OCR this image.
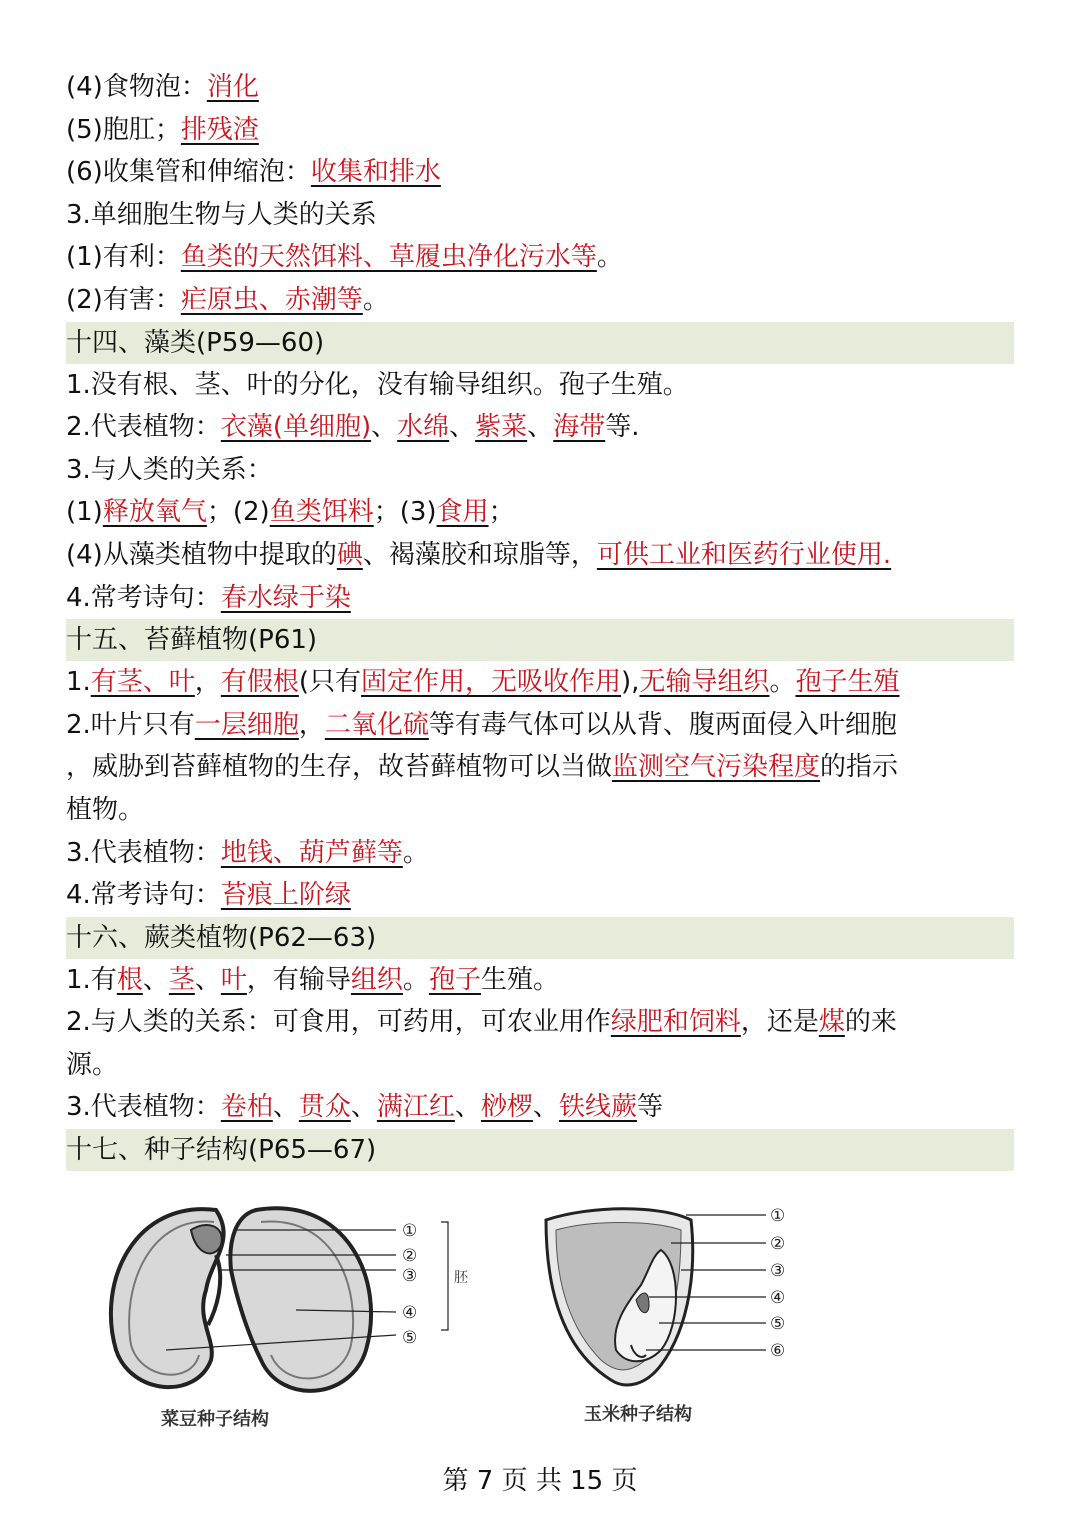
(4)食物泡：消化
(5)胞肛；排残渣
(6)收集管和伸缩泡：收集和排水
3.单细胞生物与人类的关系
(1)有利：鱼类的天然饵料、草履虫净化污水等。
(2)有害：疟原虫、赤潮等。
十四、藻类(P59—60)
1.没有根、茎、叶的分化，没有输导组织。孢子生殖。
2.代表植物：衣藻(单细胞)、水绵、紫菜、海带等.
3.与人类的关系：
(1)释放氧气；(2)鱼类饵料；(3)食用；
(4)从藻类植物中提取的碘、褐藻胶和琼脂等，可供工业和医药行业使用.
4.常考诗句：春水绿于染
十五、苔藓植物(P61)
1.有茎、叶，有假根(只有固定作用，无吸收作用),无输导组织。孢子生殖
2.叶片只有一层细胞，二氧化硫等有毒气体可以从背、腹两面侵入叶细胞
，威胁到苔藓植物的生存，故苔藓植物可以当做监测空气污染程度的指示
植物。
3.代表植物：地钱、葫芦藓等。
4.常考诗句：苔痕上阶绿
十六、蕨类植物(P62—63)
1.有根、茎、叶，有输导组织。孢子生殖。
2.与人类的关系：可食用，可药用，可农业用作绿肥和饲料，还是煤的来
源。
3.代表植物：卷柏、贯众、满江红、桫椤、铁线蕨等
十七、种子结构(P65—67)
①
②
③
④
⑤
胚
菜豆种子结构
①
②
③
④
⑤
⑥
玉米种子结构
第 7 页 共 15 页
